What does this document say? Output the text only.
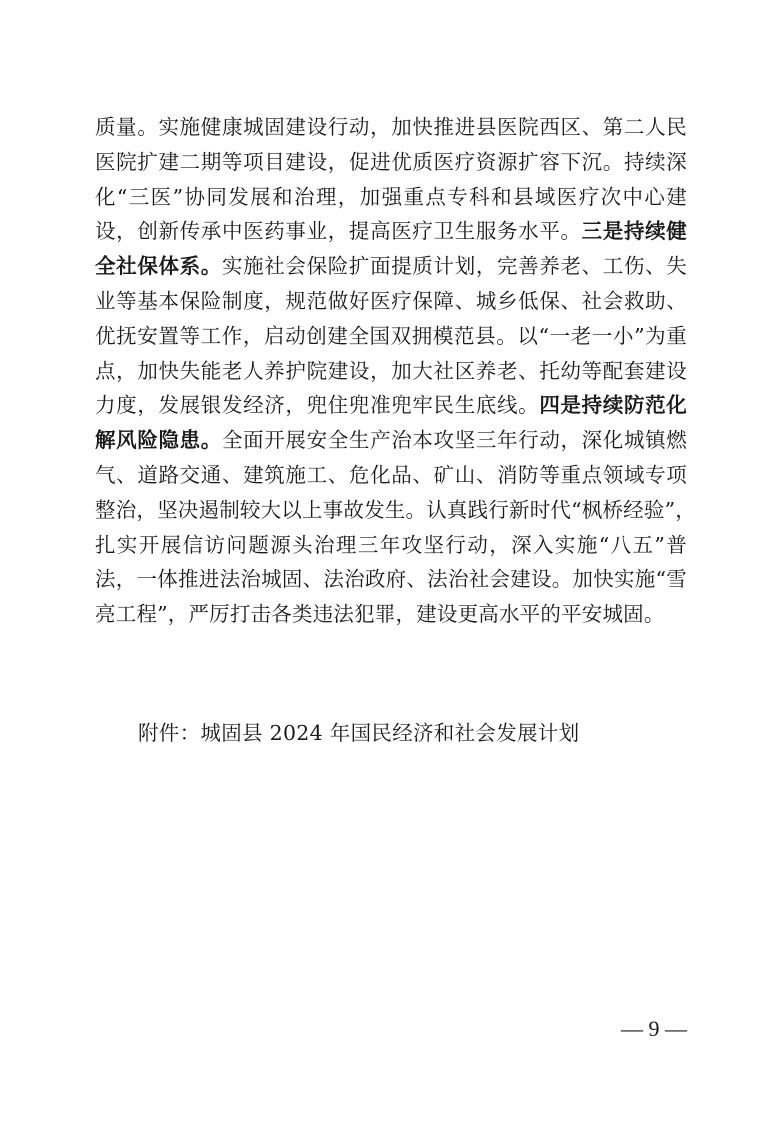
质量。实施健康城固建设行动，加快推进县医院西区、第二人民
医院扩建二期等项目建设，促进优质医疗资源扩容下沉。持续深
化“三医”协同发展和治理，加强重点专科和县域医疗次中心建
设，创新传承中医药事业，提高医疗卫生服务水平。三是持续健
全社保体系。实施社会保险扩面提质计划，完善养老、工伤、失
业等基本保险制度，规范做好医疗保障、城乡低保、社会救助、
优抚安置等工作，启动创建全国双拥模范县。以“一老一小”为重
点，加快失能老人养护院建设，加大社区养老、托幼等配套建设
力度，发展银发经济，兜住兜准兜牢民生底线。四是持续防范化
解风险隐患。全面开展安全生产治本攻坚三年行动，深化城镇燃
气、道路交通、建筑施工、危化品、矿山、消防等重点领域专项
整治，坚决遏制较大以上事故发生。认真践行新时代“枫桥经验”，
扎实开展信访问题源头治理三年攻坚行动，深入实施“八五”普
法，一体推进法治城固、法治政府、法治社会建设。加快实施“雪
亮工程”，严厉打击各类违法犯罪，建设更高水平的平安城固。
附件：城固县 2024 年国民经济和社会发展计划
— 9 —
